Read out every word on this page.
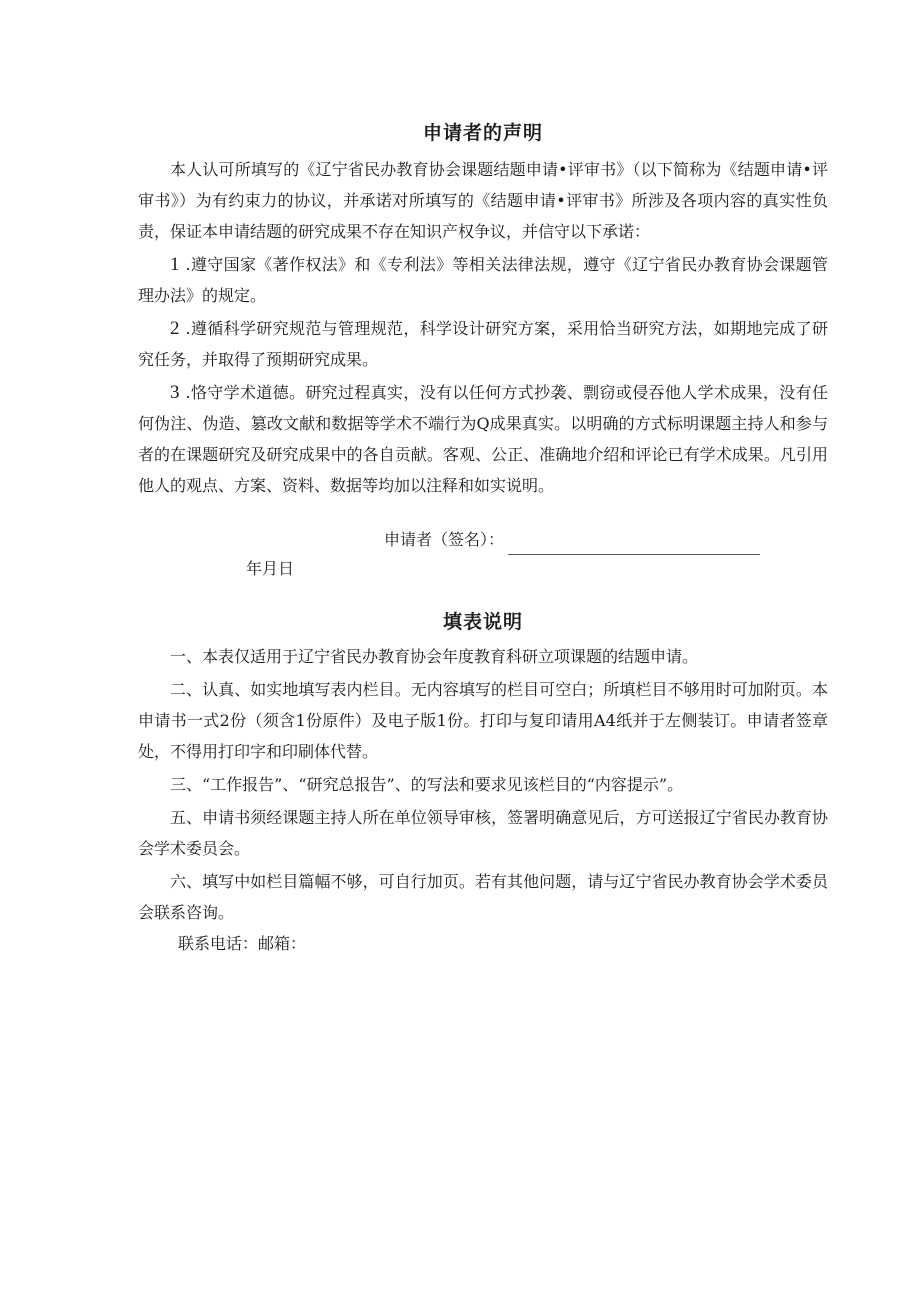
申请者的声明

本人认可所填写的《辽宁省民办教育协会课题结题申请•评审书》（以下简称为《结题申请•评审书》）为有约束力的协议，并承诺对所填写的《结题申请•评审书》所涉及各项内容的真实性负责，保证本申请结题的研究成果不存在知识产权争议，并信守以下承诺：

1 .遵守国家《著作权法》和《专利法》等相关法律法规，遵守《辽宁省民办教育协会课题管理办法》的规定。

2 .遵循科学研究规范与管理规范，科学设计研究方案，采用恰当研究方法，如期地完成了研究任务，并取得了预期研究成果。

3 .恪守学术道德。研究过程真实，没有以任何方式抄袭、剽窃或侵吞他人学术成果，没有任何伪注、伪造、篡改文献和数据等学术不端行为Q成果真实。以明确的方式标明课题主持人和参与者的在课题研究及研究成果中的各自贡献。客观、公正、准确地介绍和评论已有学术成果。凡引用他人的观点、方案、资料、数据等均加以注释和如实说明。

申请者（签名）：
年月日
填表说明

一、本表仅适用于辽宁省民办教育协会年度教育科研立项课题的结题申请。

二、认真、如实地填写表内栏目。无内容填写的栏目可空白；所填栏目不够用时可加附页。本申请书一式2份（须含1份原件）及电子版1份。打印与复印请用A4纸并于左侧装订。申请者签章处，不得用打印字和印刷体代替。

三、“工作报告”、“研究总报告”、的写法和要求见该栏目的“内容提示”。

五、申请书须经课题主持人所在单位领导审核，签署明确意见后，方可送报辽宁省民办教育协会学术委员会。

六、填写中如栏目篇幅不够，可自行加页。若有其他问题，请与辽宁省民办教育协会学术委员会联系咨询。

联系电话：邮箱：
